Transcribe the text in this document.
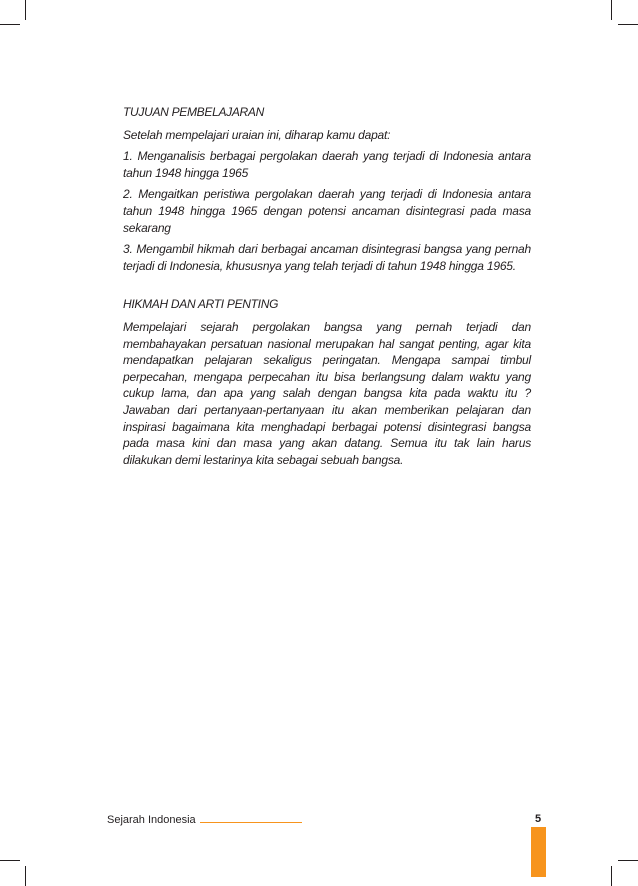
TUJUAN PEMBELAJARAN

Setelah mempelajari uraian ini, diharap kamu dapat:

1. Menganalisis berbagai pergolakan daerah yang terjadi di Indonesia antara tahun 1948 hingga 1965

2. Mengaitkan peristiwa pergolakan daerah yang terjadi di Indonesia antara tahun 1948 hingga 1965 dengan potensi ancaman disintegrasi pada masa sekarang

3. Mengambil hikmah dari berbagai ancaman disintegrasi bangsa yang pernah terjadi di Indonesia, khususnya yang telah terjadi di tahun 1948 hingga 1965.

HIKMAH DAN ARTI PENTING

Mempelajari sejarah pergolakan bangsa yang pernah terjadi dan membahayakan persatuan nasional merupakan hal sangat penting, agar kita mendapatkan pelajaran sekaligus peringatan. Mengapa sampai timbul perpecahan, mengapa perpecahan itu bisa berlangsung dalam waktu yang cukup lama, dan apa yang salah dengan bangsa kita pada waktu itu ? Jawaban dari pertanyaan-pertanyaan itu akan memberikan pelajaran dan inspirasi bagaimana kita menghadapi berbagai potensi disintegrasi bangsa pada masa kini dan masa yang akan datang. Semua itu tak lain harus dilakukan demi lestarinya kita sebagai sebuah bangsa.

Sejarah Indonesia	5
